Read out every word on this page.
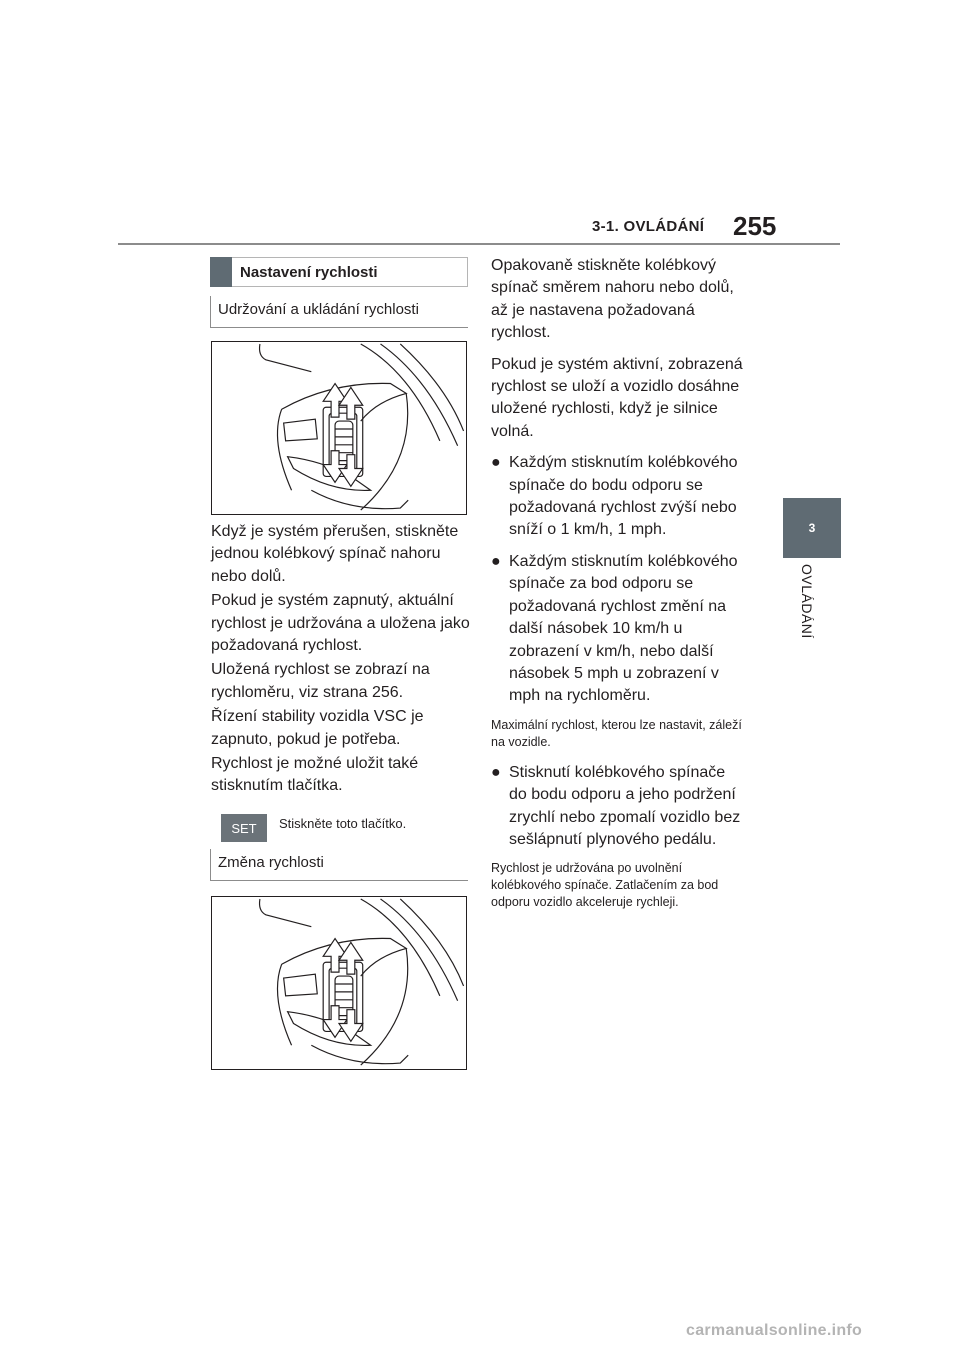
3-1. OVLÁDÁNÍ 255
3
OVLÁDÁNÍ
Nastavení rychlosti
Udržování a ukládání rychlosti

Když je systém přerušen, stiskněte jednou kolébkový spínač nahoru nebo dolů.

Pokud je systém zapnutý, aktuální rychlost je udržována a uložena jako požadovaná rychlost.

Uložená rychlost se zobrazí na rychloměru, viz strana 256.

Řízení stability vozidla VSC je zapnuto, pokud je potřeba.

Rychlost je možné uložit také stisknutím tlačítka.

SET	Stiskněte toto tlačítko.
Změna rychlosti

Opakovaně stiskněte kolébkový spínač směrem nahoru nebo dolů, až je nastavena požadovaná rychlost.

Pokud je systém aktivní, zobrazená rychlost se uloží a vozidlo dosáhne uložené rychlosti, když je silnice volná.

● Každým stisknutím kolébkového spínače do bodu odporu se požadovaná rychlost zvýší nebo sníží o 1 km/h, 1 mph.

● Každým stisknutím kolébkového spínače za bod odporu se požadovaná rychlost změní na další násobek 10 km/h u zobrazení v km/h, nebo další násobek 5 mph u zobrazení v mph na rychloměru.

Maximální rychlost, kterou lze nastavit, záleží na vozidle.

● Stisknutí kolébkového spínače do bodu odporu a jeho podržení zrychlí nebo zpomalí vozidlo bez sešlápnutí plynového pedálu.

Rychlost je udržována po uvolnění kolébkového spínače. Zatlačením za bod odporu vozidlo akceleruje rychleji.

carmanualsonline.info
